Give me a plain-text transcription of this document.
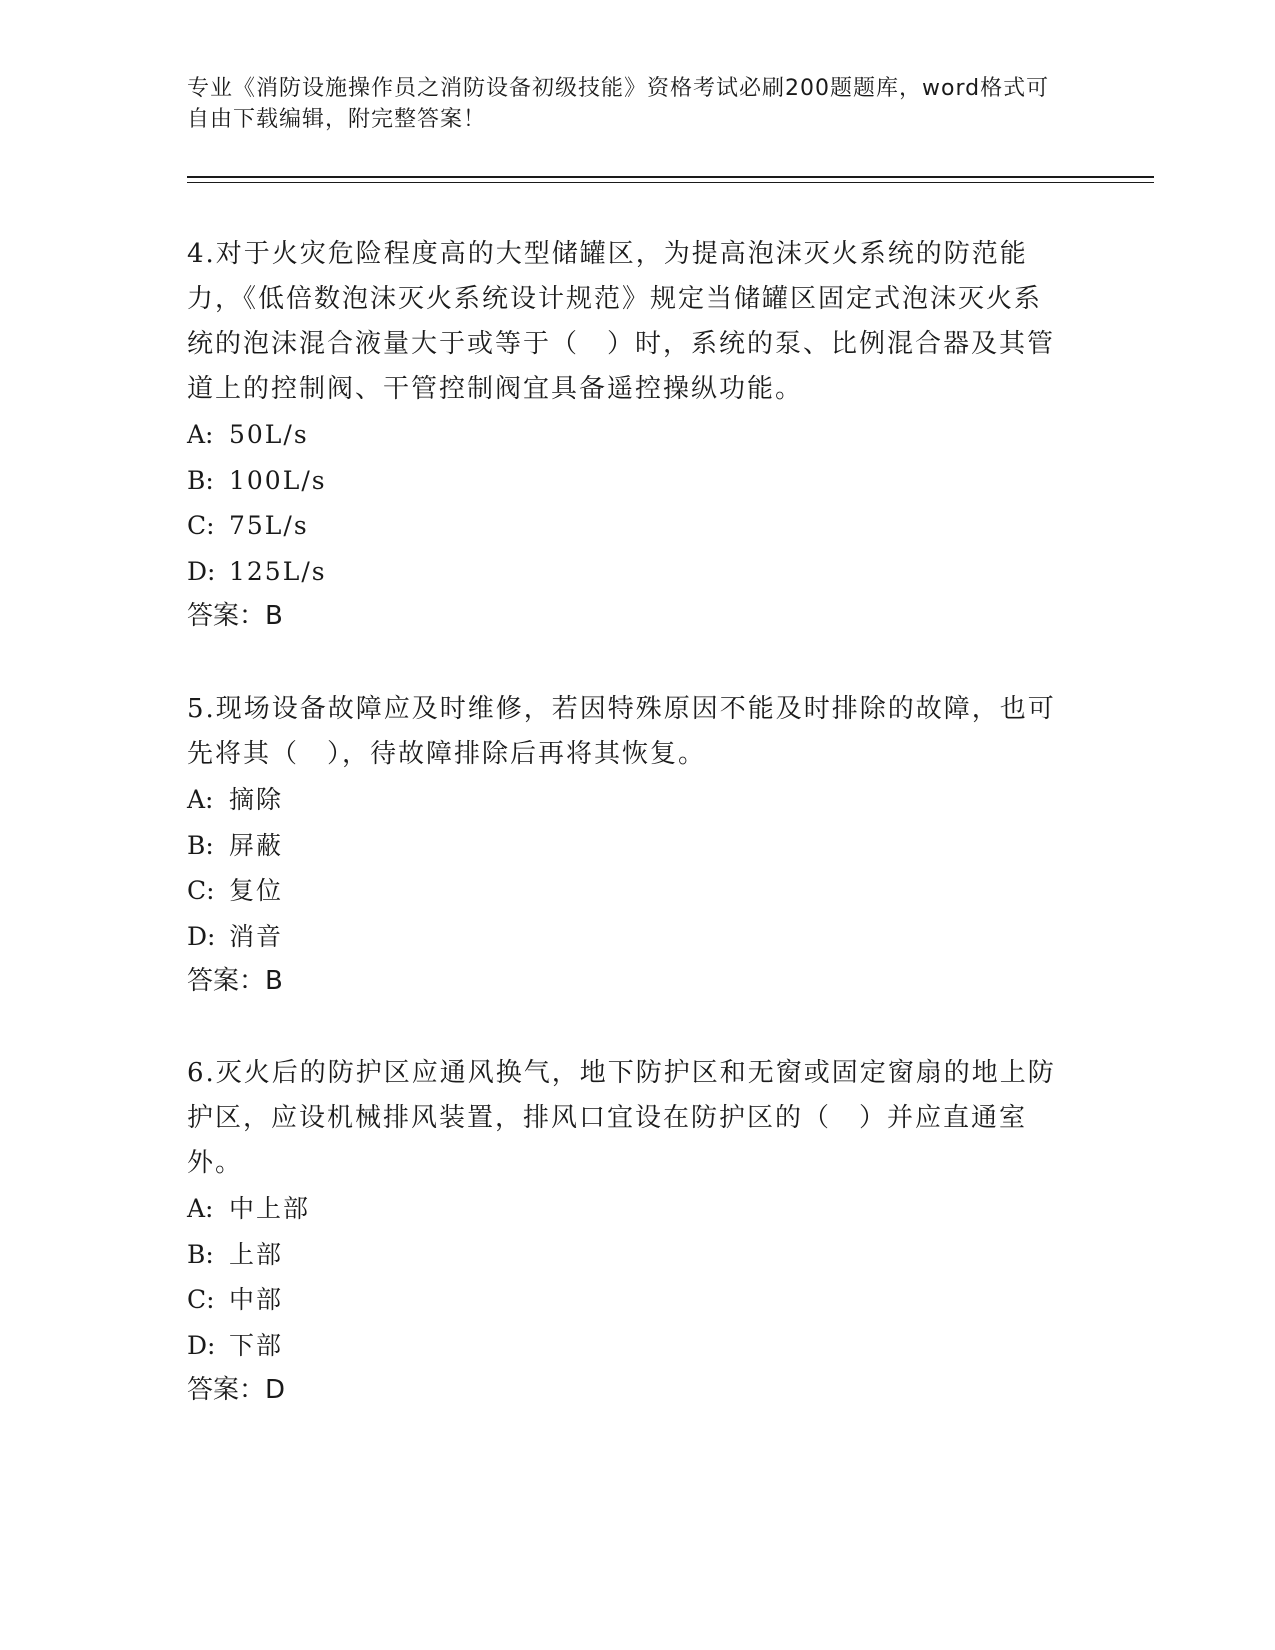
专业《消防设施操作员之消防设备初级技能》资格考试必刷200题题库，word格式可自由下载编辑，附完整答案！

4.对于火灾危险程度高的大型储罐区，为提高泡沫灭火系统的防范能力，《低倍数泡沫灭火系统设计规范》规定当储罐区固定式泡沫灭火系统的泡沫混合液量大于或等于（　）时，系统的泵、比例混合器及其管道上的控制阀、干管控制阀宜具备遥控操纵功能。

A: 50L/s

B: 100L/s

C: 75L/s

D: 125L/s

答案：B

5.现场设备故障应及时维修，若因特殊原因不能及时排除的故障，也可先将其（　），待故障排除后再将其恢复。

A: 摘除

B: 屏蔽

C: 复位

D: 消音

答案：B

6.灭火后的防护区应通风换气，地下防护区和无窗或固定窗扇的地上防护区，应设机械排风装置，排风口宜设在防护区的（　）并应直通室外。

A: 中上部

B: 上部

C: 中部

D: 下部

答案：D
